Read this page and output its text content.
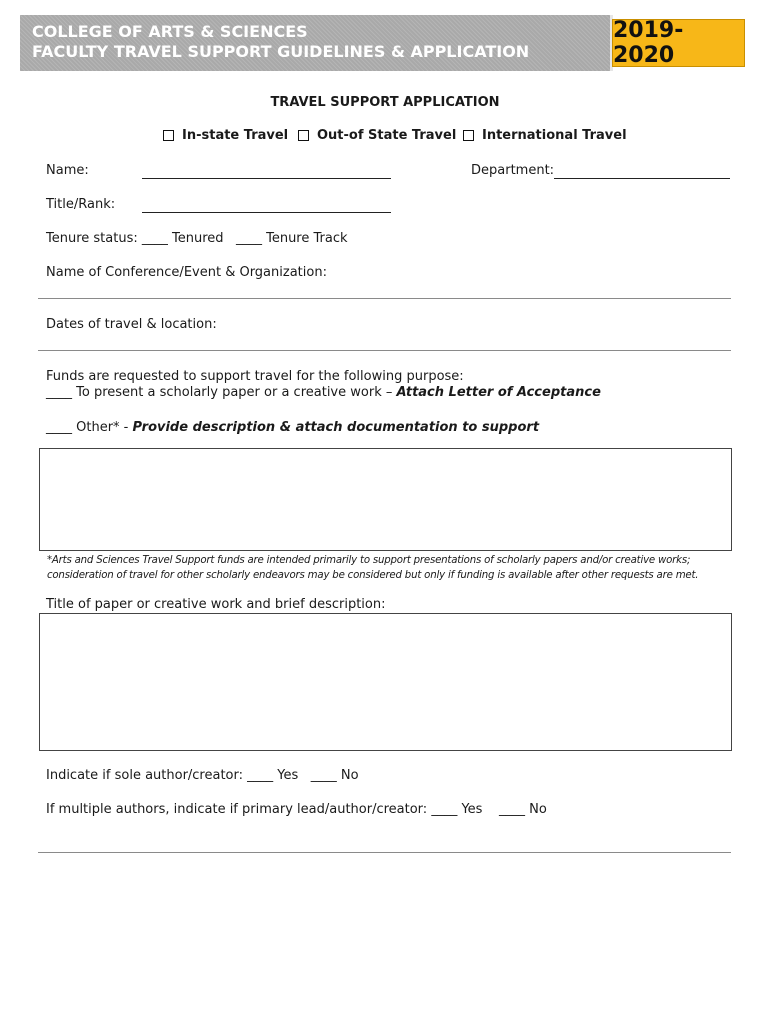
COLLEGE OF ARTS & SCIENCES
FACULTY TRAVEL SUPPORT GUIDELINES & APPLICATION
2019-2020
TRAVEL SUPPORT APPLICATION
In-state Travel Out-of State Travel International Travel
Name:	Department:
Title/Rank:
Tenure status: ____ Tenured ____ Tenure Track
Name of Conference/Event & Organization:
Dates of travel & location:
Funds are requested to support travel for the following purpose:
____ To present a scholarly paper or a creative work – Attach Letter of Acceptance
____ Other* - Provide description & attach documentation to support
*Arts and Sciences Travel Support funds are intended primarily to support presentations of scholarly papers and/or creative works;
consideration of travel for other scholarly endeavors may be considered but only if funding is available after other requests are met.
Title of paper or creative work and brief description:
Indicate if sole author/creator: ____ Yes ____ No
If multiple authors, indicate if primary lead/author/creator: ____ Yes ____ No
